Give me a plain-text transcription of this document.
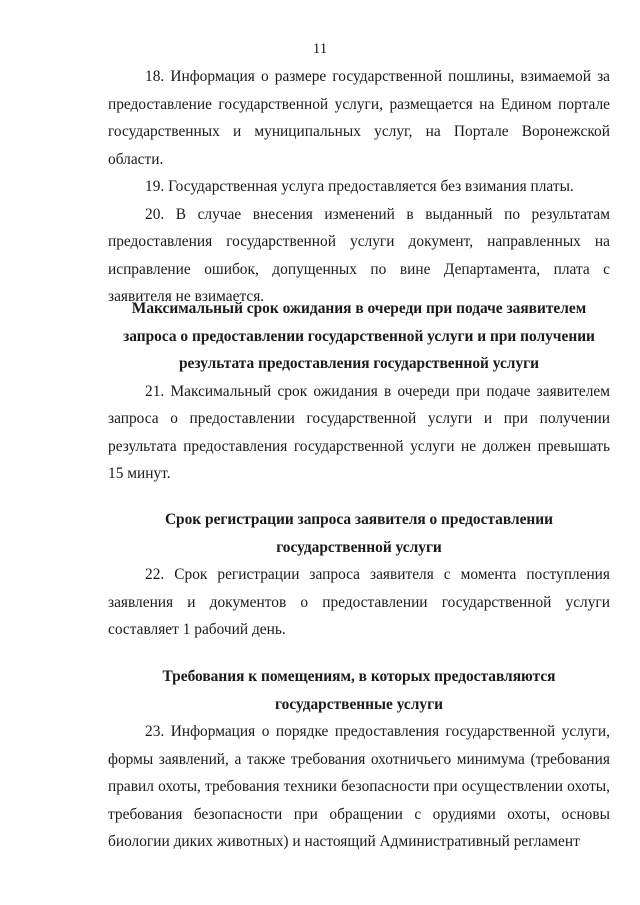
11

18. Информация о размере государственной пошлины, взимаемой за предоставление государственной услуги, размещается на Едином портале государственных и муниципальных услуг, на Портале Воронежской области.

19. Государственная услуга предоставляется без взимания платы.

20. В случае внесения изменений в выданный по результатам предоставления государственной услуги документ, направленных на исправление ошибок, допущенных по вине Департамента, плата с заявителя не взимается.

Максимальный срок ожидания в очереди при подаче заявителем запроса о предоставлении государственной услуги и при получении результата предоставления государственной услуги

21. Максимальный срок ожидания в очереди при подаче заявителем запроса о предоставлении государственной услуги и при получении результата предоставления государственной услуги не должен превышать 15 минут.

Срок регистрации запроса заявителя о предоставлении государственной услуги

22. Срок регистрации запроса заявителя с момента поступления заявления и документов о предоставлении государственной услуги составляет 1 рабочий день.

Требования к помещениям, в которых предоставляются государственные услуги

23. Информация о порядке предоставления государственной услуги, формы заявлений, а также требования охотничьего минимума (требования правил охоты, требования техники безопасности при осуществлении охоты, требования безопасности при обращении с орудиями охоты, основы биологии диких животных) и настоящий Административный регламент
